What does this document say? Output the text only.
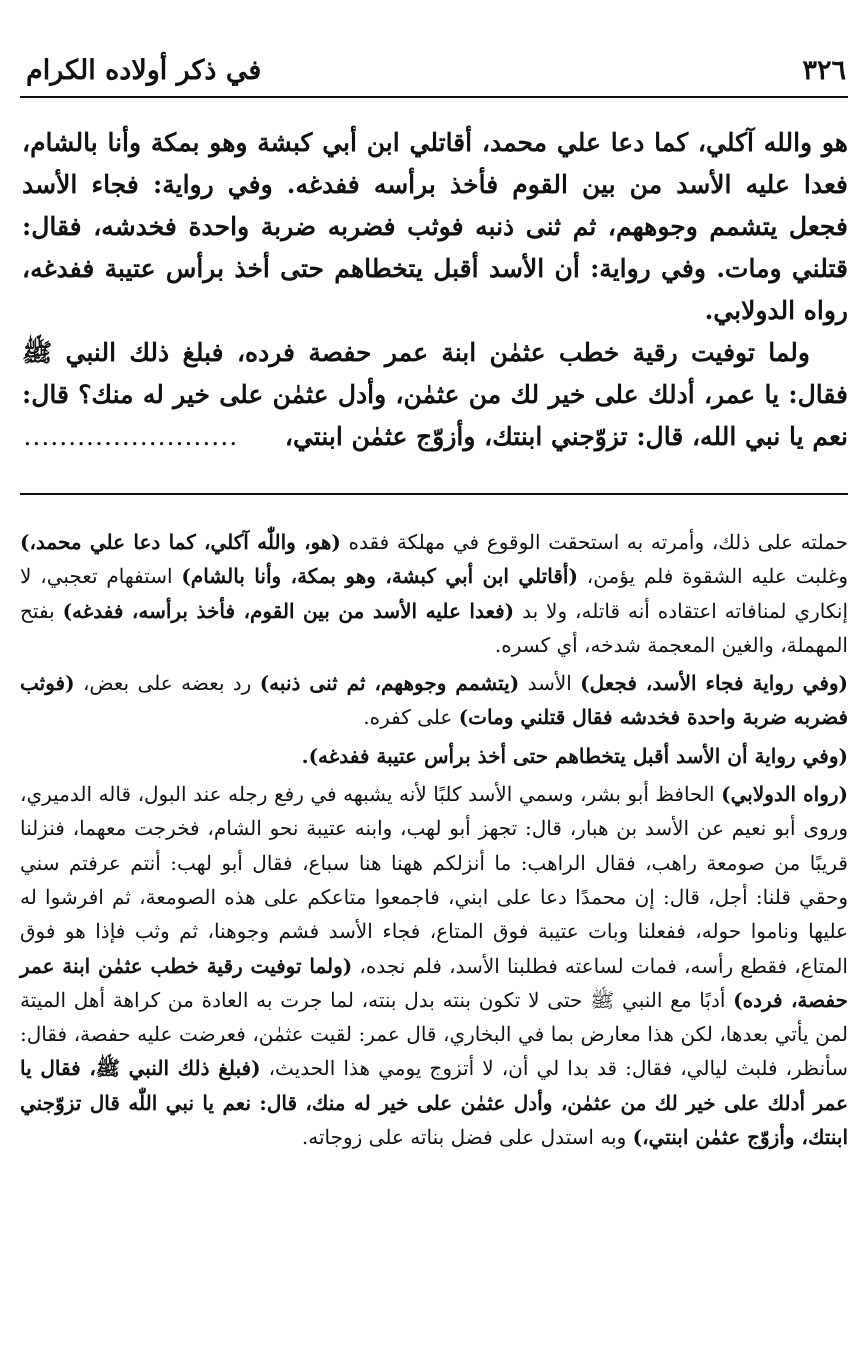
٣٢٦
في ذكر أولاده الكرام

هو والله آكلي، كما دعا علي محمد، أقاتلي ابن أبي كبشة وهو بمكة وأنا بالشام، فعدا عليه الأسد من بين القوم فأخذ برأسه ففدغه. وفي رواية: فجاء الأسد فجعل يتشمم وجوههم، ثم ثنى ذنبه فوثب فضربه ضربة واحدة فخدشه، فقال: قتلني ومات. وفي رواية: أن الأسد أقبل يتخطاهم حتى أخذ برأس عتيبة ففدغه، رواه الدولابي.

ولما توفيت رقية خطب عثمٰن ابنة عمر حفصة فرده، فبلغ ذلك النبي ﷺ فقال: يا عمر، أدلك على خير لك من عثمٰن، وأدل عثمٰن على خير له منك؟ قال: نعم يا نبي الله، قال: تزوّجني ابنتك، وأزوّج عثمٰن ابنتي، ........................

حملته على ذلك، وأمرته به استحقت الوقوع في مهلكة فقده (هو، واللّٰه آكلي، كما دعا علي محمد،) وغلبت عليه الشقوة فلم يؤمن، (أقاتلي ابن أبي كبشة، وهو بمكة، وأنا بالشام) استفهام تعجبي، لا إنكاري لمنافاته اعتقاده أنه قاتله، ولا بد (فعدا عليه الأسد من بين القوم، فأخذ برأسه، ففدغه) بفتح المهملة، والغين المعجمة شدخه، أي كسره.

(وفي رواية فجاء الأسد، فجعل) الأسد (يتشمم وجوههم، ثم ثنى ذنبه) رد بعضه على بعض، (فوثب فضربه ضربة واحدة فخدشه فقال قتلني ومات) على كفره.

(وفي رواية أن الأسد أقبل يتخطاهم حتى أخذ برأس عتيبة ففدغه).

(رواه الدولابي) الحافظ أبو بشر، وسمي الأسد كلبًا لأنه يشبهه في رفع رجله عند البول، قاله الدميري، وروى أبو نعيم عن الأسد بن هبار، قال: تجهز أبو لهب، وابنه عتيبة نحو الشام، فخرجت معهما، فنزلنا قريبًا من صومعة راهب، فقال الراهب: ما أنزلكم ههنا هنا سباع، فقال أبو لهب: أنتم عرفتم سني وحقي قلنا: أجل، قال: إن محمدًا دعا على ابني، فاجمعوا متاعكم على هذه الصومعة، ثم افرشوا له عليها وناموا حوله، ففعلنا وبات عتيبة فوق المتاع، فجاء الأسد فشم وجوهنا، ثم وثب فإذا هو فوق المتاع، فقطع رأسه، فمات لساعته فطلبنا الأسد، فلم نجده، (ولما توفيت رقية خطب عثمٰن ابنة عمر حفصة، فرده) أدبًا مع النبي ﷺ حتى لا تكون بنته بدل بنته، لما جرت به العادة من كراهة أهل الميتة لمن يأتي بعدها، لكن هذا معارض بما في البخاري، قال عمر: لقيت عثمٰن، فعرضت عليه حفصة، فقال: سأنظر، فلبث ليالي، فقال: قد بدا لي أن، لا أتزوج يومي هذا الحديث، (فبلغ ذلك النبي ﷺ، فقال يا عمر أدلك على خير لك من عثمٰن، وأدل عثمٰن على خير له منك، قال: نعم يا نبي اللّٰه قال تزوّجني ابنتك، وأزوّج عثمٰن ابنتي،) وبه استدل على فضل بناته على زوجاته.
